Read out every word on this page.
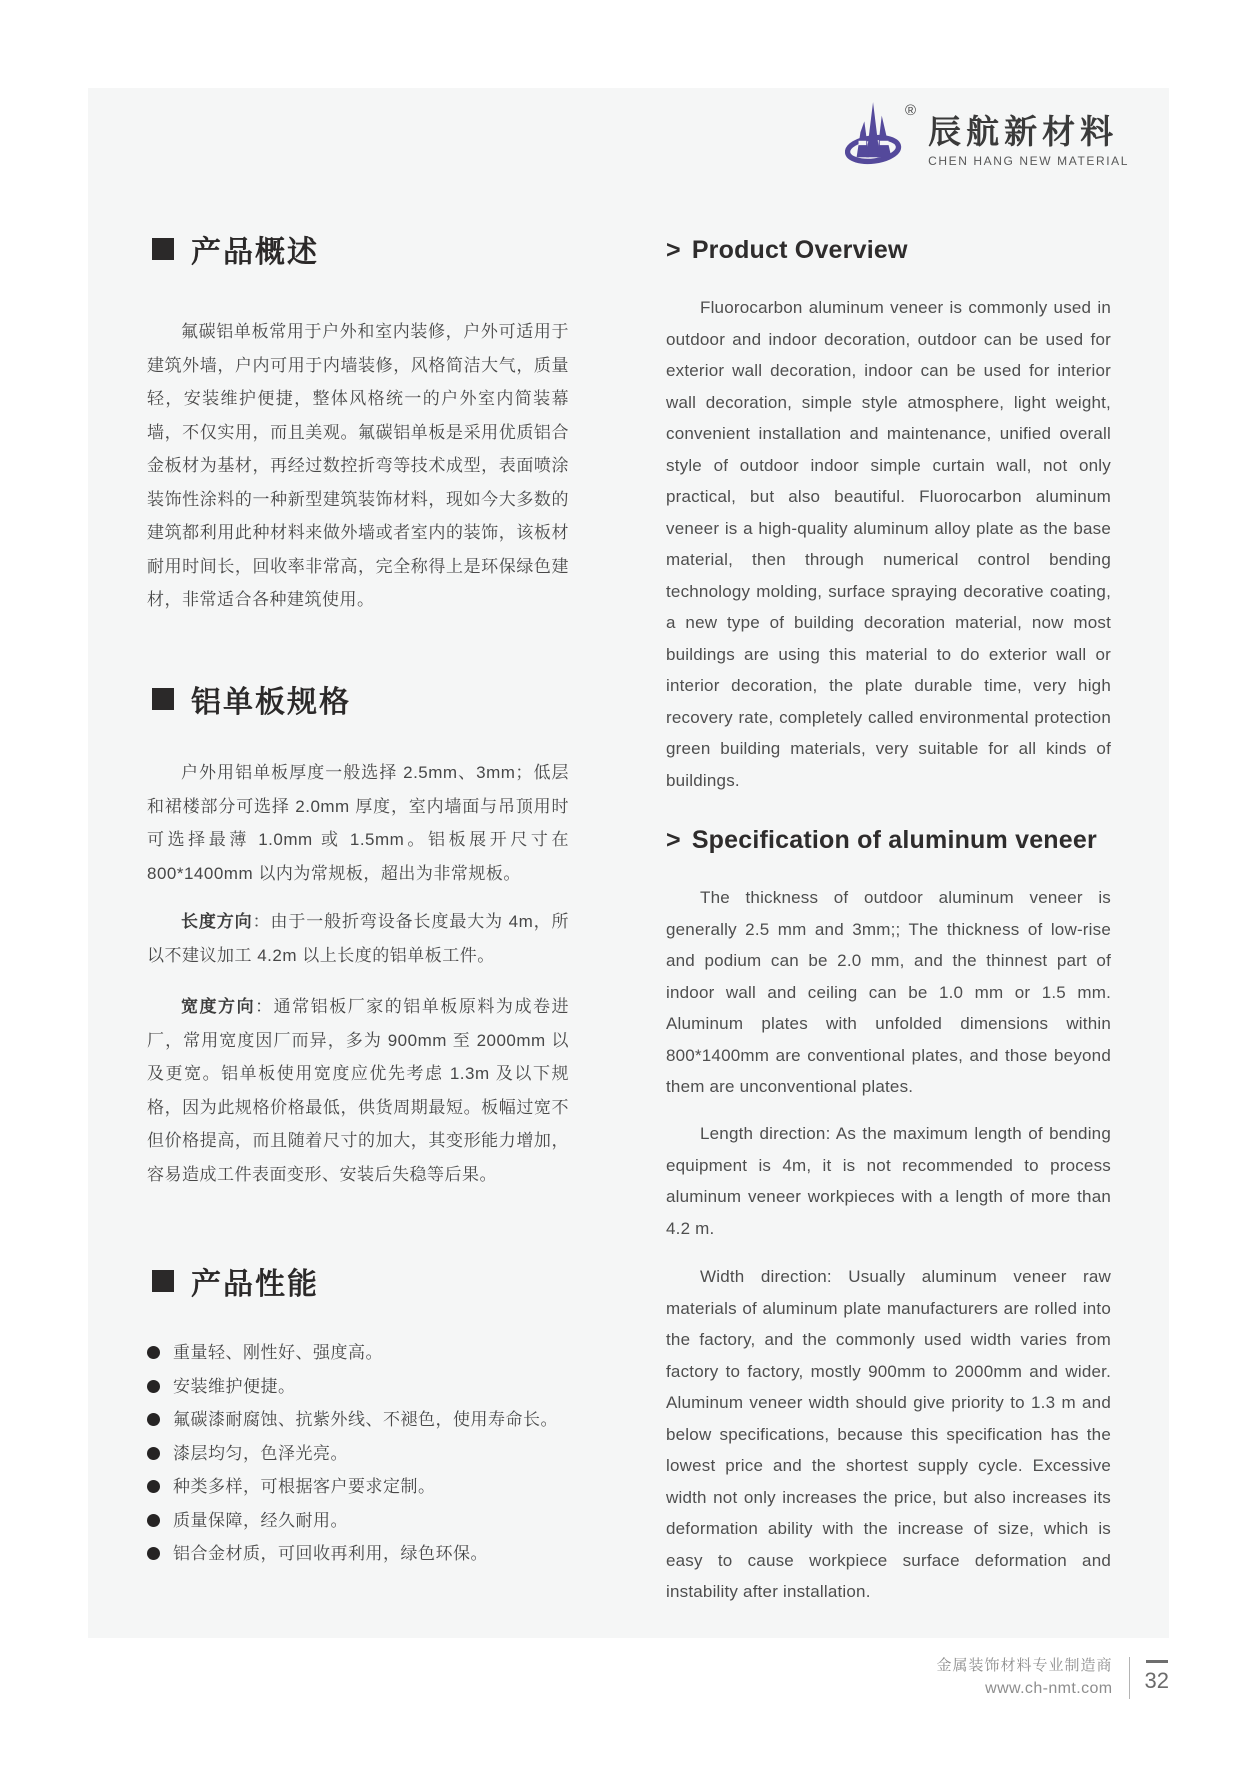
®
辰航新材料
CHEN HANG NEW MATERIAL
产品概述

氟碳铝单板常用于户外和室内装修，户外可适用于建筑外墙，户内可用于内墙装修，风格简洁大气，质量轻，安装维护便捷，整体风格统一的户外室内简装幕墙，不仅实用，而且美观。氟碳铝单板是采用优质铝合金板材为基材，再经过数控折弯等技术成型，表面喷涂装饰性涂料的一种新型建筑装饰材料，现如今大多数的建筑都利用此种材料来做外墙或者室内的装饰，该板材耐用时间长，回收率非常高，完全称得上是环保绿色建材，非常适合各种建筑使用。

铝单板规格

户外用铝单板厚度一般选择 2.5mm、3mm；低层和裙楼部分可选择 2.0mm 厚度，室内墙面与吊顶用时可选择最薄 1.0mm 或 1.5mm。铝板展开尺寸在 800*1400mm 以内为常规板，超出为非常规板。

长度方向：由于一般折弯设备长度最大为 4m，所以不建议加工 4.2m 以上长度的铝单板工件。

宽度方向：通常铝板厂家的铝单板原料为成卷进厂，常用宽度因厂而异，多为 900mm 至 2000mm 以及更宽。铝单板使用宽度应优先考虑 1.3m 及以下规格，因为此规格价格最低，供货周期最短。板幅过宽不但价格提高，而且随着尺寸的加大，其变形能力增加，容易造成工件表面变形、安装后失稳等后果。

产品性能
重量轻、刚性好、强度高。
安装维护便捷。
氟碳漆耐腐蚀、抗紫外线、不褪色，使用寿命长。
漆层均匀，色泽光亮。
种类多样，可根据客户要求定制。
质量保障，经久耐用。
铝合金材质，可回收再利用，绿色环保。
> Product Overview

Fluorocarbon aluminum veneer is commonly used in outdoor and indoor decoration, outdoor can be used for exterior wall decoration, indoor can be used for interior wall decoration, simple style atmosphere, light weight, convenient installation and maintenance, unified overall style of outdoor indoor simple curtain wall, not only practical, but also beautiful. Fluorocarbon aluminum veneer is a high-quality aluminum alloy plate as the base material, then through numerical control bending technology molding, surface spraying decorative coating, a new type of building decoration material, now most buildings are using this material to do exterior wall or interior decoration, the plate durable time, very high recovery rate, completely called environmental protection green building materials, very suitable for all kinds of buildings.

> Specification of aluminum veneer

The thickness of outdoor aluminum veneer is generally 2.5 mm and 3mm;; The thickness of low-rise and podium can be 2.0 mm, and the thinnest part of indoor wall and ceiling can be 1.0 mm or 1.5 mm. Aluminum plates with unfolded dimensions within 800*1400mm are conventional plates, and those beyond them are unconventional plates.

Length direction: As the maximum length of bending equipment is 4m, it is not recommended to process aluminum veneer workpieces with a length of more than 4.2 m.

Width direction: Usually aluminum veneer raw materials of aluminum plate manufacturers are rolled into the factory, and the commonly used width varies from factory to factory, mostly 900mm to 2000mm and wider. Aluminum veneer width should give priority to 1.3 m and below specifications, because this specification has the lowest price and the shortest supply cycle. Excessive width not only increases the price, but also increases its deformation ability with the increase of size, which is easy to cause workpiece surface deformation and instability after installation.

金属装饰材料专业制造商
www.ch-nmt.com 32
